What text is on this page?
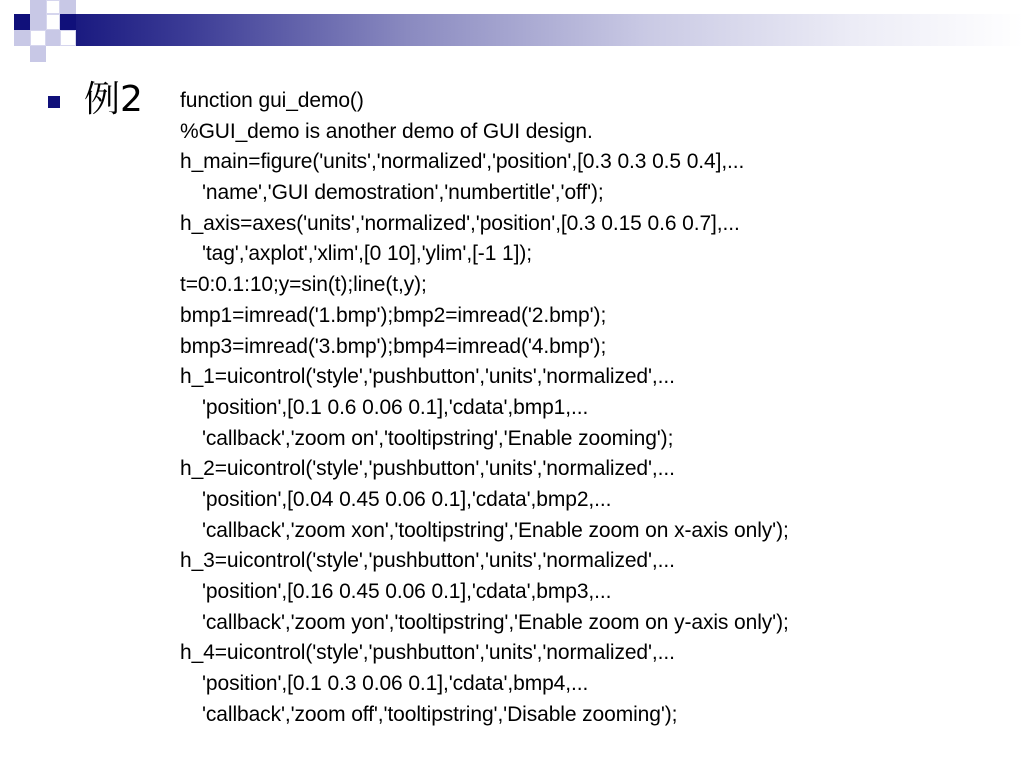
例2 function gui_demo()
%GUI_demo is another demo of GUI design.
h_main=figure('units','normalized','position',[0.3 0.3 0.5 0.4],...
'name','GUI demostration','numbertitle','off');
h_axis=axes('units','normalized','position',[0.3 0.15 0.6 0.7],...
'tag','axplot','xlim',[0 10],'ylim',[-1 1]);
t=0:0.1:10;y=sin(t);line(t,y);
bmp1=imread('1.bmp');bmp2=imread('2.bmp');
bmp3=imread('3.bmp');bmp4=imread('4.bmp');
h_1=uicontrol('style','pushbutton','units','normalized',...
'position',[0.1 0.6 0.06 0.1],'cdata',bmp1,...
'callback','zoom on','tooltipstring','Enable zooming');
h_2=uicontrol('style','pushbutton','units','normalized',...
'position',[0.04 0.45 0.06 0.1],'cdata',bmp2,...
'callback','zoom xon','tooltipstring','Enable zoom on x-axis only');
h_3=uicontrol('style','pushbutton','units','normalized',...
'position',[0.16 0.45 0.06 0.1],'cdata',bmp3,...
'callback','zoom yon','tooltipstring','Enable zoom on y-axis only');
h_4=uicontrol('style','pushbutton','units','normalized',...
'position',[0.1 0.3 0.06 0.1],'cdata',bmp4,...
'callback','zoom off','tooltipstring','Disable zooming');
